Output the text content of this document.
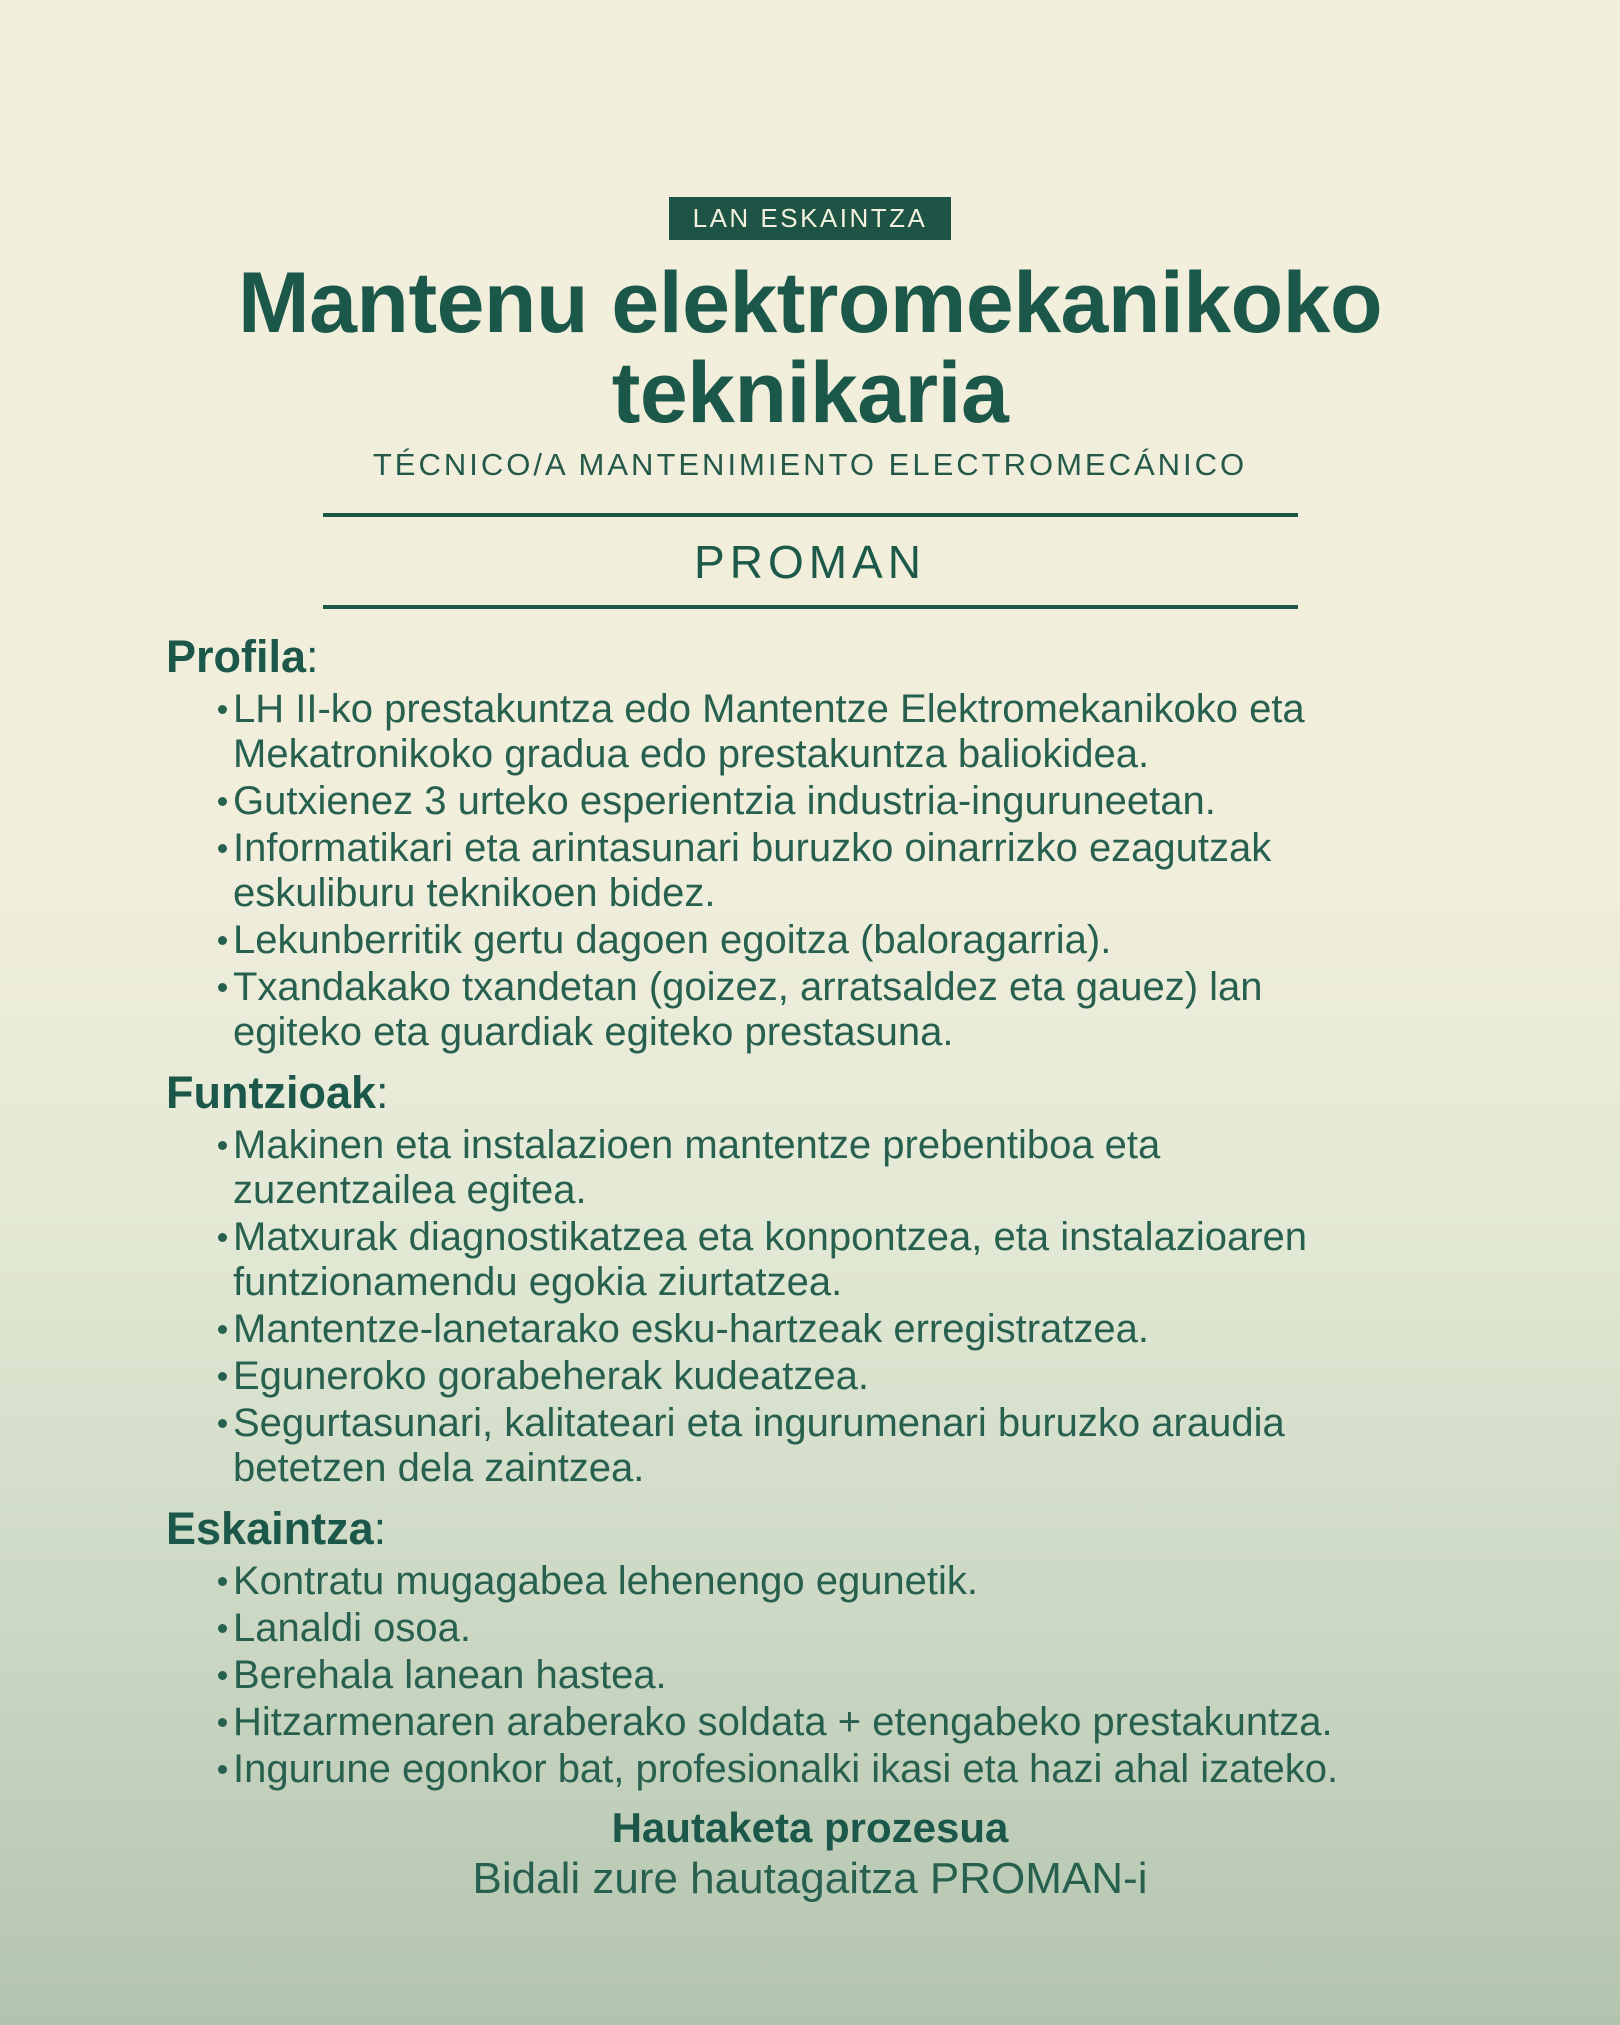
LAN ESKAINTZA
Mantenu elektromekanikoko
teknikaria
TÉCNICO/A MANTENIMIENTO ELECTROMECÁNICO
PROMAN
Profila:
LH II-ko prestakuntza edo Mantentze Elektromekanikoko eta Mekatronikoko gradua edo prestakuntza baliokidea.
Gutxienez 3 urteko esperientzia industria-inguruneetan.
Informatikari eta arintasunari buruzko oinarrizko ezagutzak eskuliburu teknikoen bidez.
Lekunberritik gertu dagoen egoitza (baloragarria).
Txandakako txandetan (goizez, arratsaldez eta gauez) lan egiteko eta guardiak egiteko prestasuna.
Funtzioak:
Makinen eta instalazioen mantentze prebentiboa eta zuzentzailea egitea.
Matxurak diagnostikatzea eta konpontzea, eta instalazioaren funtzionamendu egokia ziurtatzea.
Mantentze-lanetarako esku-hartzeak erregistratzea.
Eguneroko gorabeherak kudeatzea.
Segurtasunari, kalitateari eta ingurumenari buruzko araudia betetzen dela zaintzea.
Eskaintza:
Kontratu mugagabea lehenengo egunetik.
Lanaldi osoa.
Berehala lanean hastea.
Hitzarmenaren araberako soldata + etengabeko prestakuntza.
Ingurune egonkor bat, profesionalki ikasi eta hazi ahal izateko.
Hautaketa prozesua
Bidali zure hautagaitza PROMAN-i
